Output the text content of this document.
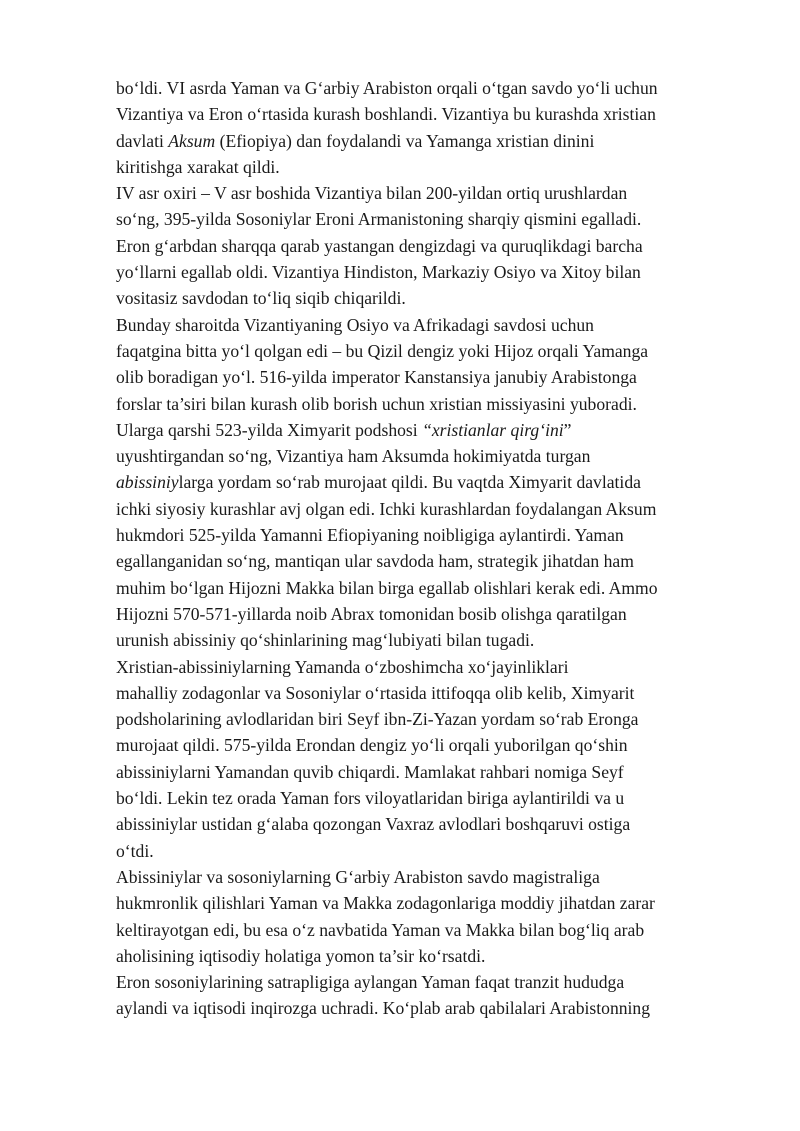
bo‘ldi. VI asrda Yaman va G‘arbiy Arabiston orqali o‘tgan savdo yo‘li uchun
Vizantiya va Eron o‘rtasida kurash boshlandi. Vizantiya bu kurashda xristian
davlati Aksum (Efiopiya) dan foydalandi va Yamanga xristian dinini
kiritishga xarakat qildi.
IV asr oxiri – V asr boshida Vizantiya bilan 200-yildan ortiq urushlardan
so‘ng, 395-yilda Sosoniylar Eroni Armanistoning sharqiy qismini egalladi.
Eron g‘arbdan sharqqa qarab yastangan dengizdagi va quruqlikdagi barcha
yo‘llarni egallab oldi. Vizantiya Hindiston, Markaziy Osiyo va Xitoy bilan
vositasiz savdodan to‘liq siqib chiqarildi.
Bunday sharoitda Vizantiyaning Osiyo va Afrikadagi savdosi uchun
faqatgina bitta yo‘l qolgan edi – bu Qizil dengiz yoki Hijoz orqali Yamanga
olib boradigan yo‘l. 516-yilda imperator Kanstansiya janubiy Arabistonga
forslar ta’siri bilan kurash olib borish uchun xristian missiyasini yuboradi.
Ularga qarshi 523-yilda Ximyarit podshosi “xristianlar qirg‘ini”
uyushtirgandan so‘ng, Vizantiya ham Aksumda hokimiyatda turgan
abissiniylarga yordam so‘rab murojaat qildi. Bu vaqtda Ximyarit davlatida
ichki siyosiy kurashlar avj olgan edi. Ichki kurashlardan foydalangan Aksum
hukmdori 525-yilda Yamanni Efiopiyaning noibligiga aylantirdi. Yaman
egallanganidan so‘ng, mantiqan ular savdoda ham, strategik jihatdan ham
muhim bo‘lgan Hijozni Makka bilan birga egallab olishlari kerak edi. Ammo
Hijozni 570-571-yillarda noib Abrax tomonidan bosib olishga qaratilgan
urunish abissiniy qo‘shinlarining mag‘lubiyati bilan tugadi.
Xristian-abissiniylarning Yamanda o‘zboshimcha xo‘jayinliklari
mahalliy zodagonlar va Sosoniylar o‘rtasida ittifoqqa olib kelib, Ximyarit
podsholarining avlodlaridan biri Seyf ibn-Zi-Yazan yordam so‘rab Eronga
murojaat qildi. 575-yilda Erondan dengiz yo‘li orqali yuborilgan qo‘shin
abissiniylarni Yamandan quvib chiqardi. Mamlakat rahbari nomiga Seyf
bo‘ldi. Lekin tez orada Yaman fors viloyatlaridan biriga aylantirildi va u
abissiniylar ustidan g‘alaba qozongan Vaxraz avlodlari boshqaruvi ostiga
o‘tdi.
Abissiniylar va sosoniylarning G‘arbiy Arabiston savdo magistraliga
hukmronlik qilishlari Yaman va Makka zodagonlariga moddiy jihatdan zarar
keltirayotgan edi, bu esa o‘z navbatida Yaman va Makka bilan bog‘liq arab
aholisining iqtisodiy holatiga yomon ta’sir ko‘rsatdi.
Eron sosoniylarining satrapligiga aylangan Yaman faqat tranzit hududga
aylandi va iqtisodi inqirozga uchradi. Ko‘plab arab qabilalari Arabistonning
